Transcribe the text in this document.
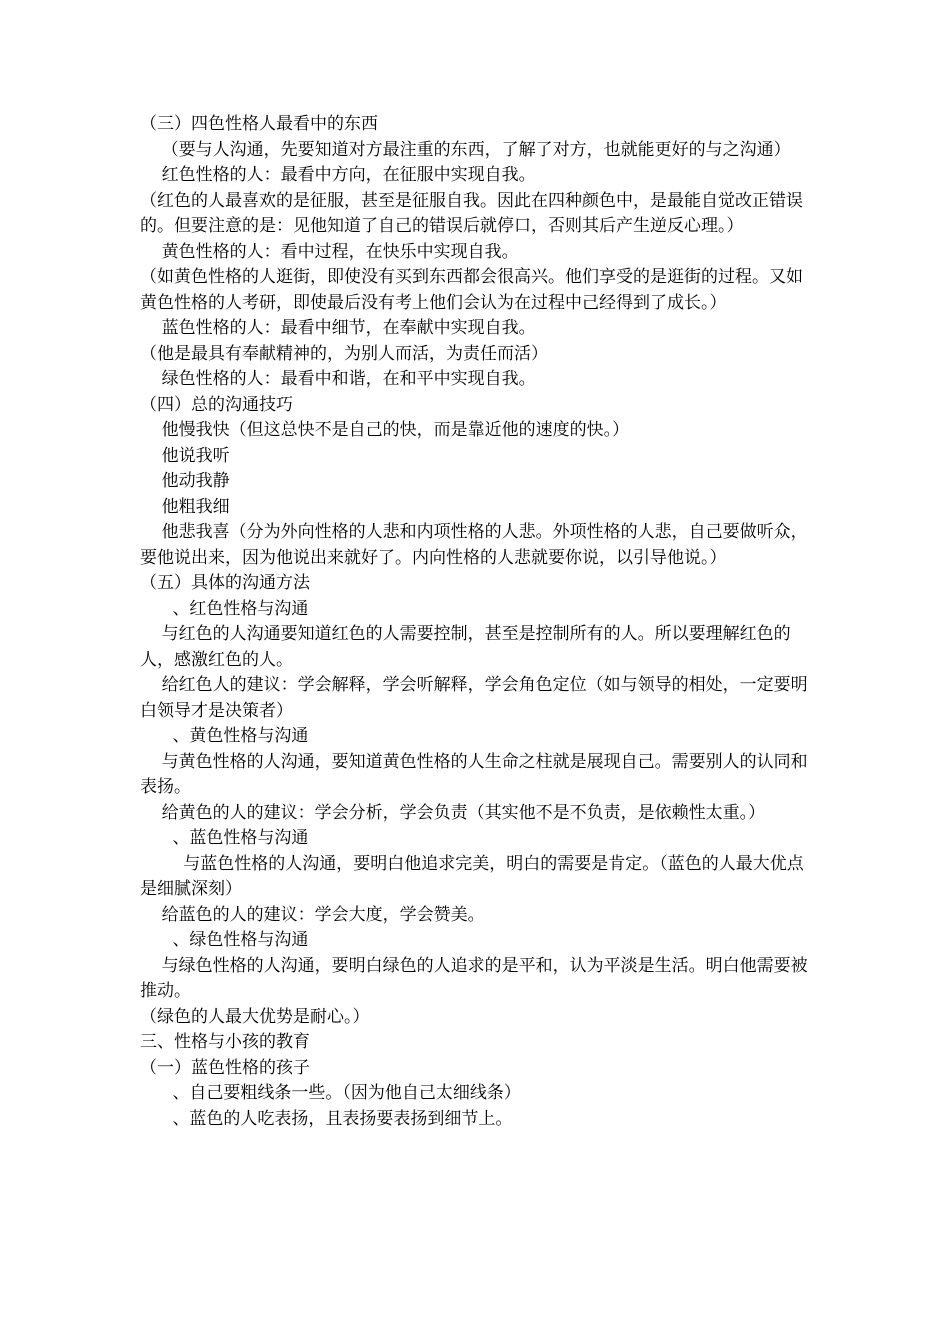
（三）四色性格人最看中的东西

（要与人沟通，先要知道对方最注重的东西，了解了对方，也就能更好的与之沟通）

红色性格的人：最看中方向，在征服中实现自我。

（红色的人最喜欢的是征服，甚至是征服自我。因此在四种颜色中，是最能自觉改正错误的。但要注意的是：见他知道了自己的错误后就停口，否则其后产生逆反心理。）

黄色性格的人：看中过程，在快乐中实现自我。

（如黄色性格的人逛街，即使没有买到东西都会很高兴。他们享受的是逛街的过程。又如黄色性格的人考研，即使最后没有考上他们会认为在过程中己经得到了成长。）

蓝色性格的人：最看中细节，在奉献中实现自我。

（他是最具有奉献精神的，为别人而活，为责任而活）

绿色性格的人：最看中和谐，在和平中实现自我。

（四）总的沟通技巧

他慢我快（但这总快不是自己的快，而是靠近他的速度的快。）

他说我听

他动我静

他粗我细

他悲我喜（分为外向性格的人悲和内项性格的人悲。外项性格的人悲，自己要做听众，要他说出来，因为他说出来就好了。内向性格的人悲就要你说，以引导他说。）

（五）具体的沟通方法

、红色性格与沟通

与红色的人沟通要知道红色的人需要控制，甚至是控制所有的人。所以要理解红色的人，感激红色的人。

给红色人的建议：学会解释，学会听解释，学会角色定位（如与领导的相处，一定要明白领导才是决策者）

、黄色性格与沟通

与黄色性格的人沟通，要知道黄色性格的人生命之柱就是展现自己。需要别人的认同和表扬。

给黄色的人的建议：学会分析，学会负责（其实他不是不负责，是依赖性太重。）

、蓝色性格与沟通

与蓝色性格的人沟通，要明白他追求完美，明白的需要是肯定。（蓝色的人最大优点是细腻深刻）

给蓝色的人的建议：学会大度，学会赞美。

、绿色性格与沟通

与绿色性格的人沟通，要明白绿色的人追求的是平和，认为平淡是生活。明白他需要被推动。

（绿色的人最大优势是耐心。）

三、性格与小孩的教育

（一）蓝色性格的孩子

、自己要粗线条一些。（因为他自己太细线条）

、蓝色的人吃表扬，且表扬要表扬到细节上。
